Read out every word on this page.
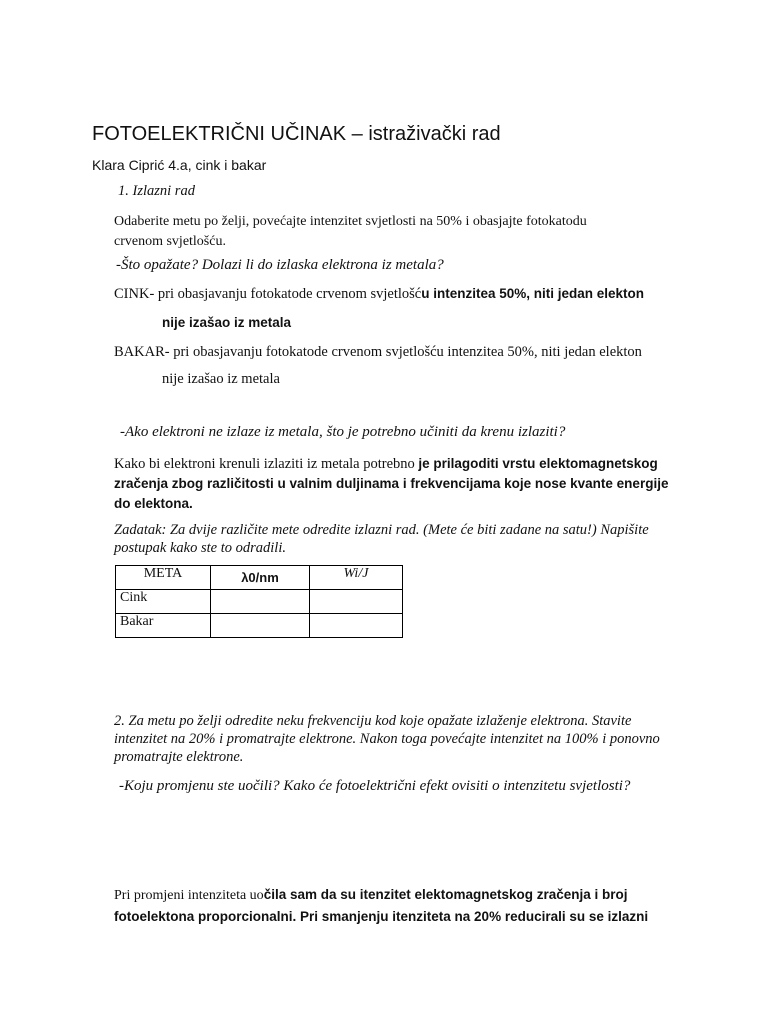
FOTOELEKTRIČNI UČINAK – istraživački rad
Klara Ciprić 4.a, cink i bakar
1. Izlazni rad
Odaberite metu po želji, povećajte intenzitet svjetlosti na 50% i obasjajte fotokatodu
crvenom svjetlošću.
-Što opažate? Dolazi li do izlaska elektrona iz metala?
CINK- pri obasjavanju fotokatode crvenom svjetlošću intenzitea 50%, niti jedan elekton
nije izašao iz metala
BAKAR- pri obasjavanju fotokatode crvenom svjetlošću intenzitea 50%, niti jedan elekton
nije izašao iz metala
-Ako elektroni ne izlaze iz metala, što je potrebno učiniti da krenu izlaziti?
Kako bi elektroni krenuli izlaziti iz metala potrebno je prilagoditi vrstu elektomagnetskog zračenja zbog različitosti u valnim duljinama i frekvencijama koje nose kvante energije do elektona.
Zadatak: Za dvije različite mete odredite izlazni rad. (Mete će biti zadane na satu!) Napišite postupak kako ste to odradili.
META	λ0/nm	Wi/J
Cink		
Bakar		
2. Za metu po želji odredite neku frekvenciju kod koje opažate izlaženje elektrona. Stavite intenzitet na 20% i promatrajte elektrone. Nakon toga povećajte intenzitet na 100% i ponovno promatrajte elektrone.
-Koju promjenu ste uočili? Kako će fotoelektrični efekt ovisiti o intenzitetu svjetlosti?
Pri promjeni intenziteta uočila sam da su itenzitet elektomagnetskog zračenja i broj
fotoelektona proporcionalni. Pri smanjenju itenziteta na 20% reducirali su se izlazni
